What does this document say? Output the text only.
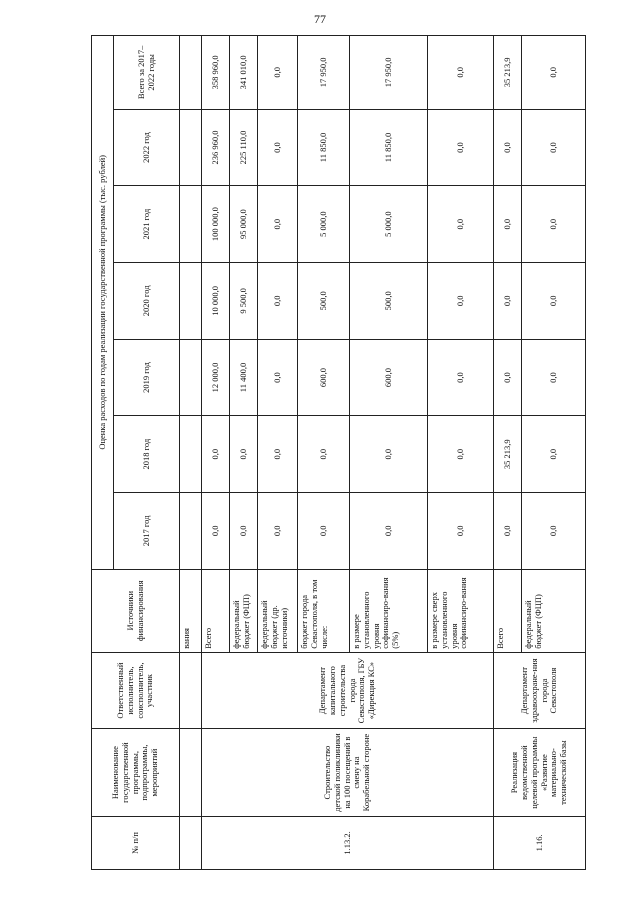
77
№ п/п	Наименование государственной программы, подпрограммы, мероприятий	Ответственный исполнитель, соисполнитель, участник	Источники финансирования	Оценка расходов по годам реализации государственной программы (тыс. рублей)						
				2017 год	2018 год	2019 год	2020 год	2021 год	2022 год	Всего за 2017–2022 годы
			вания							
1.13.2.	Строительство детской поликлиники на 100 посещений в смену на Корабельной стороне	Департамент капитального строительства города Севастополя, ГБУ «Дирекция КС»	Всего	0,0	0,0	12 000,0	10 000,0	100 000,0	236 960,0	358 960,0
			федеральный бюджет (ФЦП)	0,0	0,0	11 400,0	9 500,0	95 000,0	225 110,0	341 010,0
			федеральный бюджет (др. источники)	0,0	0,0	0,0	0,0	0,0	0,0	0,0
			бюджет города Севастополя, в том числе:	0,0	0,0	600,0	500,0	5 000,0	11 850,0	17 950,0
			в размере установленного уровня софинансиро-вания (5%)	0,0	0,0	600,0	500,0	5 000,0	11 850,0	17 950,0
			в размере сверх установленного уровня софинансиро-вания	0,0	0,0	0,0	0,0	0,0	0,0	0,0
1.16.	Реализация ведомственной целевой программы «Развитие материально-технической базы	Департамент здравоохране-ния города Севастополя	Всего	0,0	35 213,9	0,0	0,0	0,0	0,0	35 213,9
			федеральный бюджет (ФЦП)	0,0	0,0	0,0	0,0	0,0	0,0	0,0
